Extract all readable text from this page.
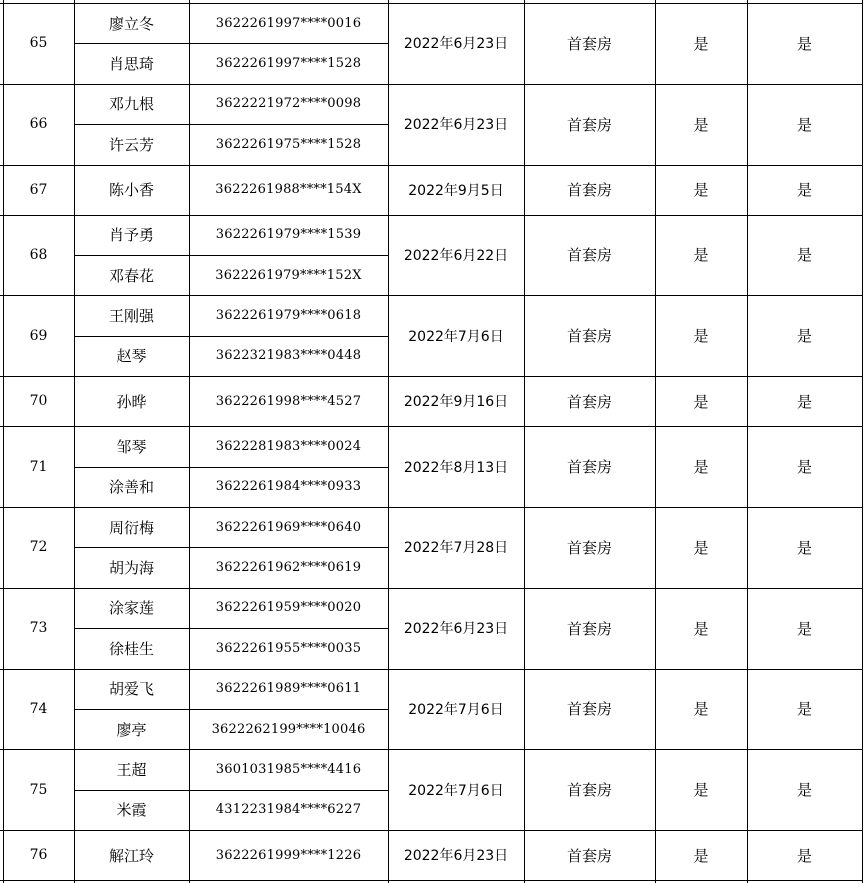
65
廖立冬	3622261997****0016
肖思琦	3622261997****1528
2022年6月23日	首套房	是	是
66
邓九根	3622221972****0098
许云芳	3622261975****1528
2022年6月23日	首套房	是	是
67	陈小香	3622261988****154X	2022年9月5日	首套房	是	是
68
肖予勇	3622261979****1539
邓春花	3622261979****152X
2022年6月22日	首套房	是	是
69
王刚强	3622261979****0618
赵琴	3622321983****0448
2022年7月6日	首套房	是	是
70	孙晔	3622261998****4527	2022年9月16日	首套房	是	是
71
邹琴	3622281983****0024
涂善和	3622261984****0933
2022年8月13日	首套房	是	是
72
周衍梅	3622261969****0640
胡为海	3622261962****0619
2022年7月28日	首套房	是	是
73
涂家莲	3622261959****0020
徐桂生	3622261955****0035
2022年6月23日	首套房	是	是
74
胡爱飞	3622261989****0611
廖亭	3622262199****10046
2022年7月6日	首套房	是	是
75
王超	3601031985****4416
米霞	4312231984****6227
2022年7月6日	首套房	是	是
76	解江玲	3622261999****1226	2022年6月23日	首套房	是	是
